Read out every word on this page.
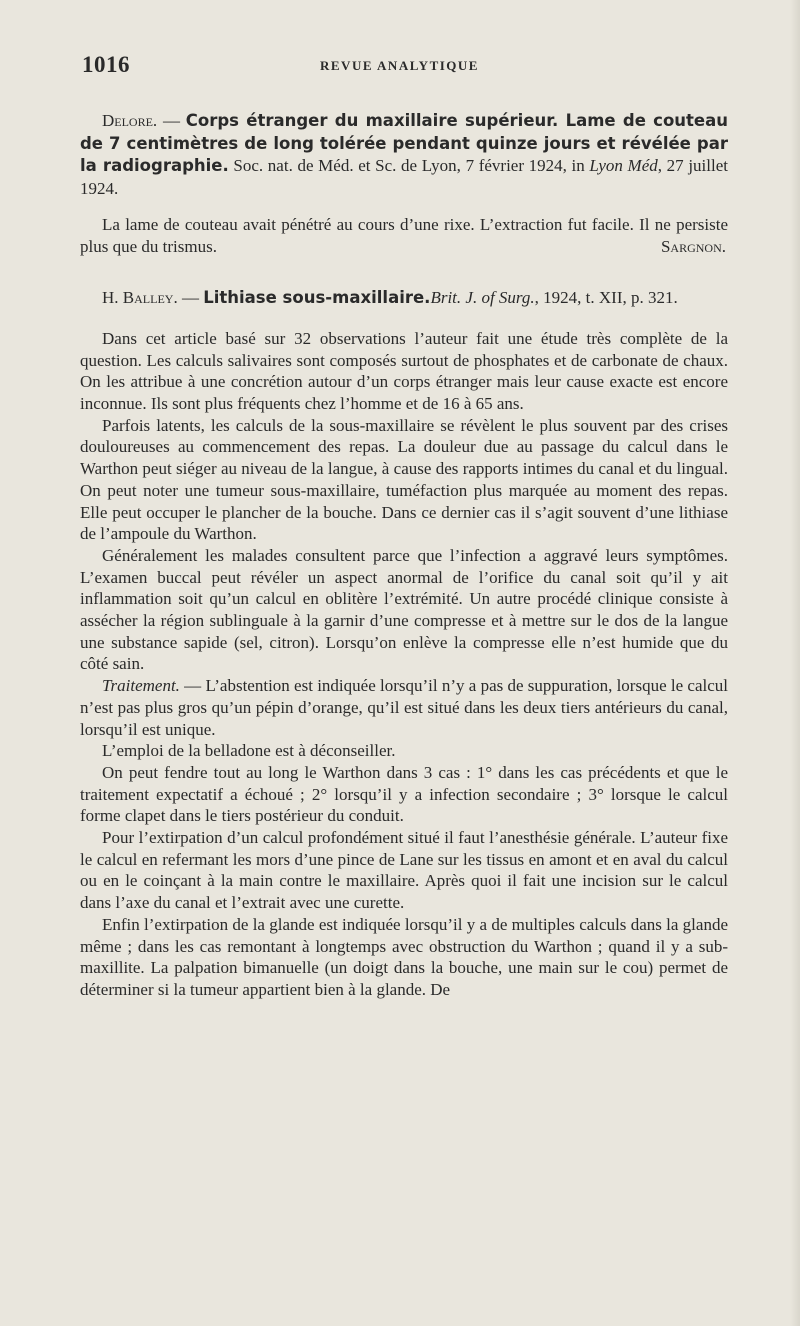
1016	REVUE ANALYTIQUE

Delore. — Corps étranger du maxillaire supérieur. Lame de couteau de 7 centimètres de long tolérée pendant quinze jours et révélée par la radiographie. Soc. nat. de Méd. et Sc. de Lyon, 7 février 1924, in Lyon Méd, 27 juillet 1924.

La lame de couteau avait pénétré au cours d’une rixe. L’extraction fut facile. Il ne persiste plus que du trismus.	Sargnon.

H. Balley. — Lithiase sous-maxillaire.Brit. J. of Surg., 1924, t. XII, p. 321.

Dans cet article basé sur 32 observations l’auteur fait une étude très complète de la question. Les calculs salivaires sont composés surtout de phosphates et de carbonate de chaux. On les attribue à une concrétion autour d’un corps étranger mais leur cause exacte est encore inconnue. Ils sont plus fréquents chez l’homme et de 16 à 65 ans.

Parfois latents, les calculs de la sous-maxillaire se révèlent le plus souvent par des crises douloureuses au commencement des repas. La douleur due au passage du calcul dans le Warthon peut siéger au niveau de la langue, à cause des rapports intimes du canal et du lingual. On peut noter une tumeur sous-maxillaire, tuméfaction plus marquée au moment des repas. Elle peut occuper le plancher de la bouche. Dans ce dernier cas il s’agit souvent d’une lithiase de l’ampoule du Warthon.

Généralement les malades consultent parce que l’infection a aggravé leurs symptômes. L’examen buccal peut révéler un aspect anormal de l’orifice du canal soit qu’il y ait inflammation soit qu’un calcul en oblitère l’extrémité. Un autre procédé clinique consiste à assécher la région sublinguale à la garnir d’une compresse et à mettre sur le dos de la langue une substance sapide (sel, citron). Lorsqu’on enlève la compresse elle n’est humide que du côté sain.

Traitement. — L’abstention est indiquée lorsqu’il n’y a pas de suppuration, lorsque le calcul n’est pas plus gros qu’un pépin d’orange, qu’il est situé dans les deux tiers antérieurs du canal, lorsqu’il est unique.

L’emploi de la belladone est à déconseiller.

On peut fendre tout au long le Warthon dans 3 cas : 1° dans les cas précédents et que le traitement expectatif a échoué ; 2° lorsqu’il y a infection secondaire ; 3° lorsque le calcul forme clapet dans le tiers postérieur du conduit.

Pour l’extirpation d’un calcul profondément situé il faut l’anesthésie générale. L’auteur fixe le calcul en refermant les mors d’une pince de Lane sur les tissus en amont et en aval du calcul ou en le coinçant à la main contre le maxillaire. Après quoi il fait une incision sur le calcul dans l’axe du canal et l’extrait avec une curette.

Enfin l’extirpation de la glande est indiquée lorsqu’il y a de multiples calculs dans la glande même ; dans les cas remontant à longtemps avec obstruction du Warthon ; quand il y a sub-maxillite. La palpation bimanuelle (un doigt dans la bouche, une main sur le cou) permet de déterminer si la tumeur appartient bien à la glande. De
